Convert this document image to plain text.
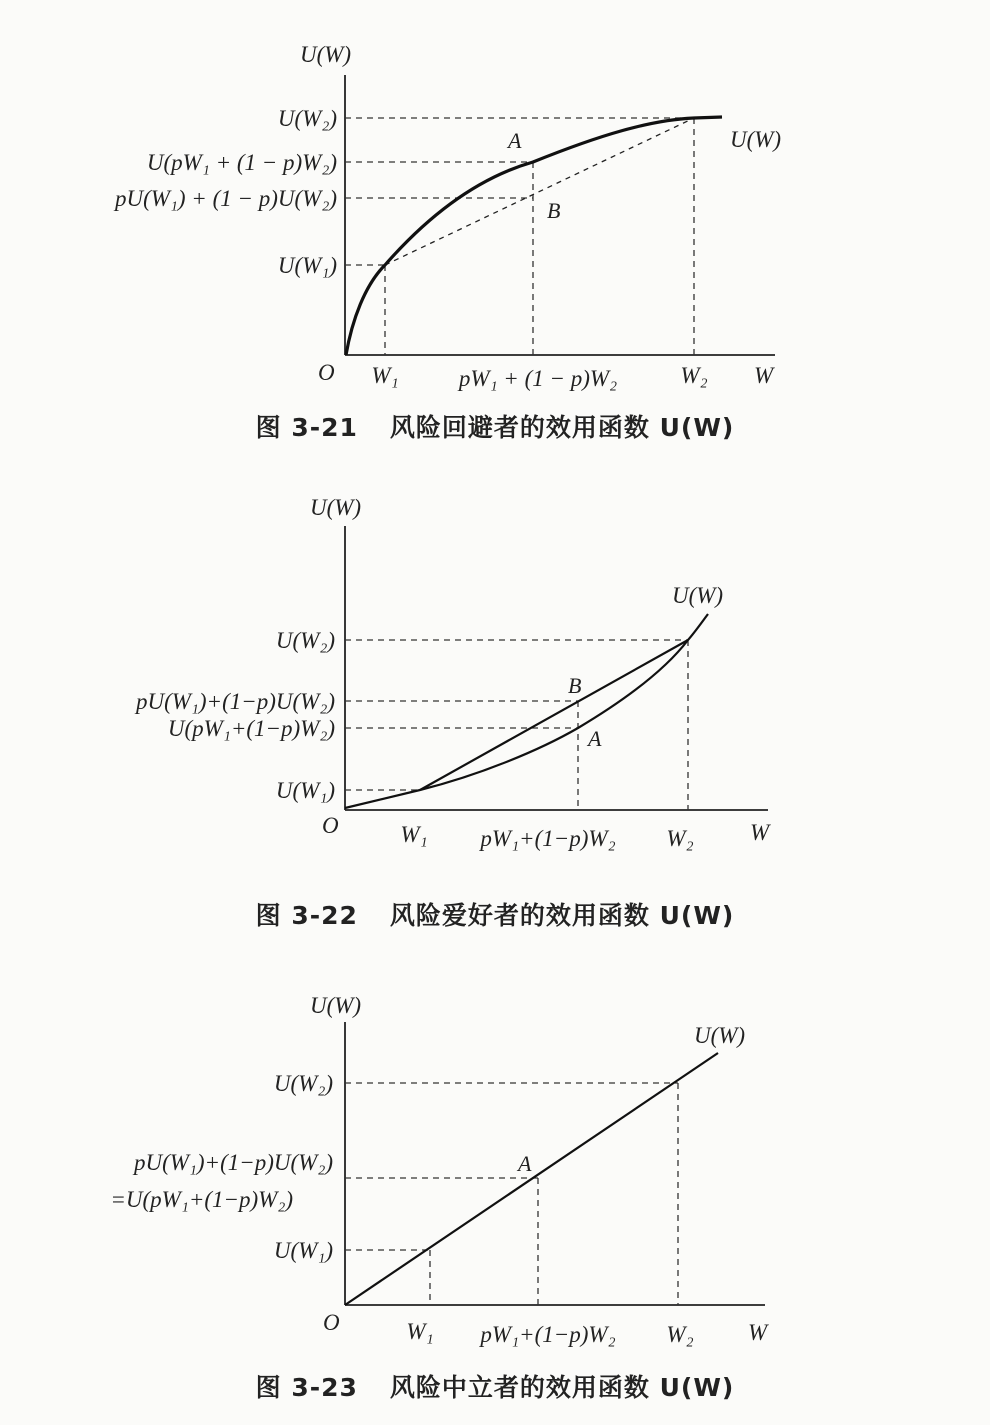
U(W)
W
O
U(W)
U(W₂)
U(pW₁ + (1 − p)W₂)
pU(W₁) + (1 − p)U(W₂)
U(W₁)
W₁	pW₁ + (1 − p)W₂	W₂
A
B
图 3-21 风险回避者的效用函数 U(W)
U(W)
W
O
U(W)
U(W₂)
pU(W₁)+(1−p)U(W₂)
U(pW₁+(1−p)W₂)
U(W₁)
W₁ pW₁+(1−p)W₂ W₂
B
A
图 3-22 风险爱好者的效用函数 U(W)
U(W)
W
O
U(W)
U(W₂)
pU(W₁)+(1−p)U(W₂)
=U(pW₁+(1−p)W₂)
U(W₁)
W₁ pW₁+(1−p)W₂ W₂
A
图 3-23 风险中立者的效用函数 U(W)
